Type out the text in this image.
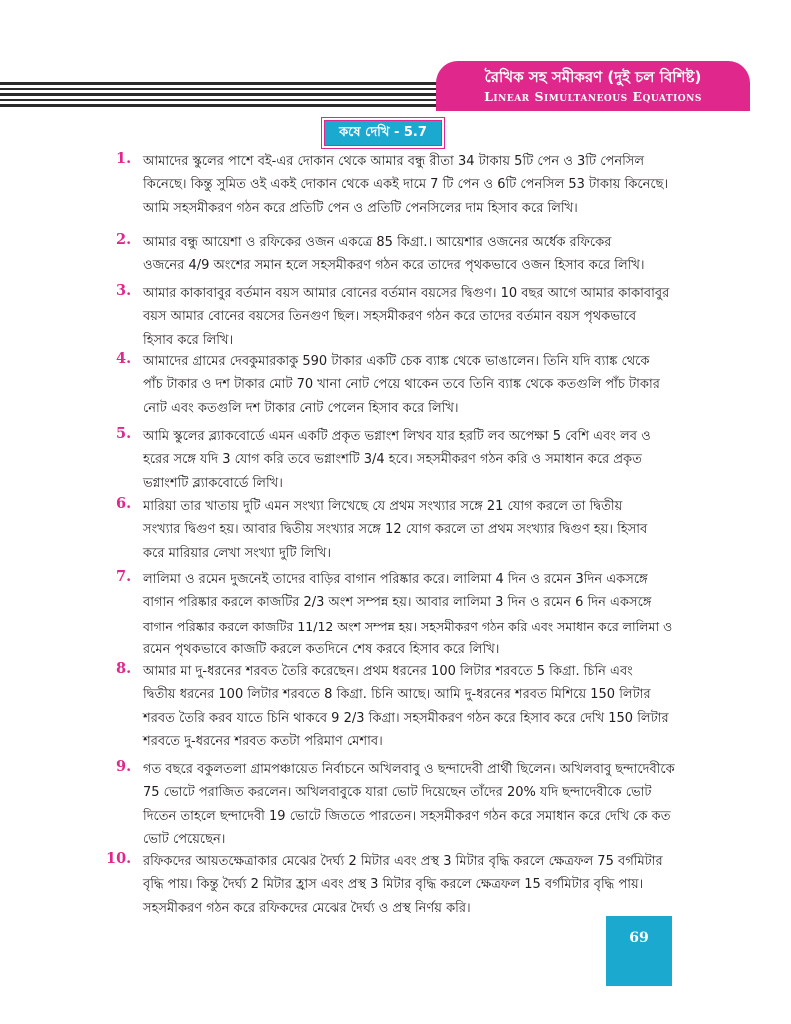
রৈখিক সহ সমীকরণ (দুই চল বিশিষ্ট)
Linear Simultaneous Equations
কষে দেখি - 5.7
1. আমাদের স্কুলের পাশে বই-এর দোকান থেকে আমার বন্ধু রীতা 34 টাকায় 5টি পেন ও 3টি পেনসিল
কিনেছে। কিন্তু সুমিত ওই একই দোকান থেকে একই দামে 7 টি পেন ও 6টি পেনসিল 53 টাকায় কিনেছে।
আমি সহসমীকরণ গঠন করে প্রতিটি পেন ও প্রতিটি পেনসিলের দাম হিসাব করে লিখি।
2. আমার বন্ধু আয়েশা ও রফিকের ওজন একত্রে 85 কিগ্রা.। আয়েশার ওজনের অর্ধেক রফিকের
ওজনের 4/9 অংশের সমান হলে সহসমীকরণ গঠন করে তাদের পৃথকভাবে ওজন হিসাব করে লিখি।
3. আমার কাকাবাবুর বর্তমান বয়স আমার বোনের বর্তমান বয়সের দ্বিগুণ। 10 বছর আগে আমার কাকাবাবুর
বয়স আমার বোনের বয়সের তিনগুণ ছিল। সহসমীকরণ গঠন করে তাদের বর্তমান বয়স পৃথকভাবে
হিসাব করে লিখি।
4. আমাদের গ্রামের দেবকুমারকাকু 590 টাকার একটি চেক ব্যাঙ্ক থেকে ভাঙালেন। তিনি যদি ব্যাঙ্ক থেকে
পাঁচ টাকার ও দশ টাকার মোট 70 খানা নোট পেয়ে থাকেন তবে তিনি ব্যাঙ্ক থেকে কতগুলি পাঁচ টাকার
নোট এবং কতগুলি দশ টাকার নোট পেলেন হিসাব করে লিখি।
5. আমি স্কুলের ব্ল্যাকবোর্ডে এমন একটি প্রকৃত ভগ্নাংশ লিখব যার হরটি লব অপেক্ষা 5 বেশি এবং লব ও
হরের সঙ্গে যদি 3 যোগ করি তবে ভগ্নাংশটি 3/4 হবে। সহসমীকরণ গঠন করি ও সমাধান করে প্রকৃত
ভগ্নাংশটি ব্ল্যাকবোর্ডে লিখি।
6. মারিয়া তার খাতায় দুটি এমন সংখ্যা লিখেছে যে প্রথম সংখ্যার সঙ্গে 21 যোগ করলে তা দ্বিতীয়
সংখ্যার দ্বিগুণ হয়। আবার দ্বিতীয় সংখ্যার সঙ্গে 12 যোগ করলে তা প্রথম সংখ্যার দ্বিগুণ হয়। হিসাব
করে মারিয়ার লেখা সংখ্যা দুটি লিখি।
7. লালিমা ও রমেন দুজনেই তাদের বাড়ির বাগান পরিষ্কার করে। লালিমা 4 দিন ও রমেন 3দিন একসঙ্গে
বাগান পরিষ্কার করলে কাজটির 2/3 অংশ সম্পন্ন হয়। আবার লালিমা 3 দিন ও রমেন 6 দিন একসঙ্গে
বাগান পরিষ্কার করলে কাজটির 11/12 অংশ সম্পন্ন হয়। সহসমীকরণ গঠন করি এবং সমাধান করে লালিমা ও
রমেন পৃথকভাবে কাজটি করলে কতদিনে শেষ করবে হিসাব করে লিখি।
8. আমার মা দু-ধরনের শরবত তৈরি করেছেন। প্রথম ধরনের 100 লিটার শরবতে 5 কিগ্রা. চিনি এবং
দ্বিতীয় ধরনের 100 লিটার শরবতে 8 কিগ্রা. চিনি আছে। আমি দু-ধরনের শরবত মিশিয়ে 150 লিটার
শরবত তৈরি করব যাতে চিনি থাকবে 9 2/3 কিগ্রা। সহসমীকরণ গঠন করে হিসাব করে দেখি 150 লিটার
শরবতে দু-ধরনের শরবত কতটা পরিমাণ মেশাব।
9. গত বছরে বকুলতলা গ্রামপঞ্চায়েত নির্বাচনে অখিলবাবু ও ছন্দাদেবী প্রার্থী ছিলেন। অখিলবাবু ছন্দাদেবীকে
75 ভোটে পরাজিত করলেন। অখিলবাবুকে যারা ভোট দিয়েছেন তাঁদের 20% যদি ছন্দাদেবীকে ভোট
দিতেন তাহলে ছন্দাদেবী 19 ভোটে জিততে পারতেন। সহসমীকরণ গঠন করে সমাধান করে দেখি কে কত
ভোট পেয়েছেন।
10. রফিকদের আয়তক্ষেত্রাকার মেঝের দৈর্ঘ্য 2 মিটার এবং প্রস্থ 3 মিটার বৃদ্ধি করলে ক্ষেত্রফল 75 বর্গমিটার
বৃদ্ধি পায়। কিন্তু দৈর্ঘ্য 2 মিটার হ্রাস এবং প্রস্থ 3 মিটার বৃদ্ধি করলে ক্ষেত্রফল 15 বর্গমিটার বৃদ্ধি পায়।
সহসমীকরণ গঠন করে রফিকদের মেঝের দৈর্ঘ্য ও প্রস্থ নির্ণয় করি।
69
